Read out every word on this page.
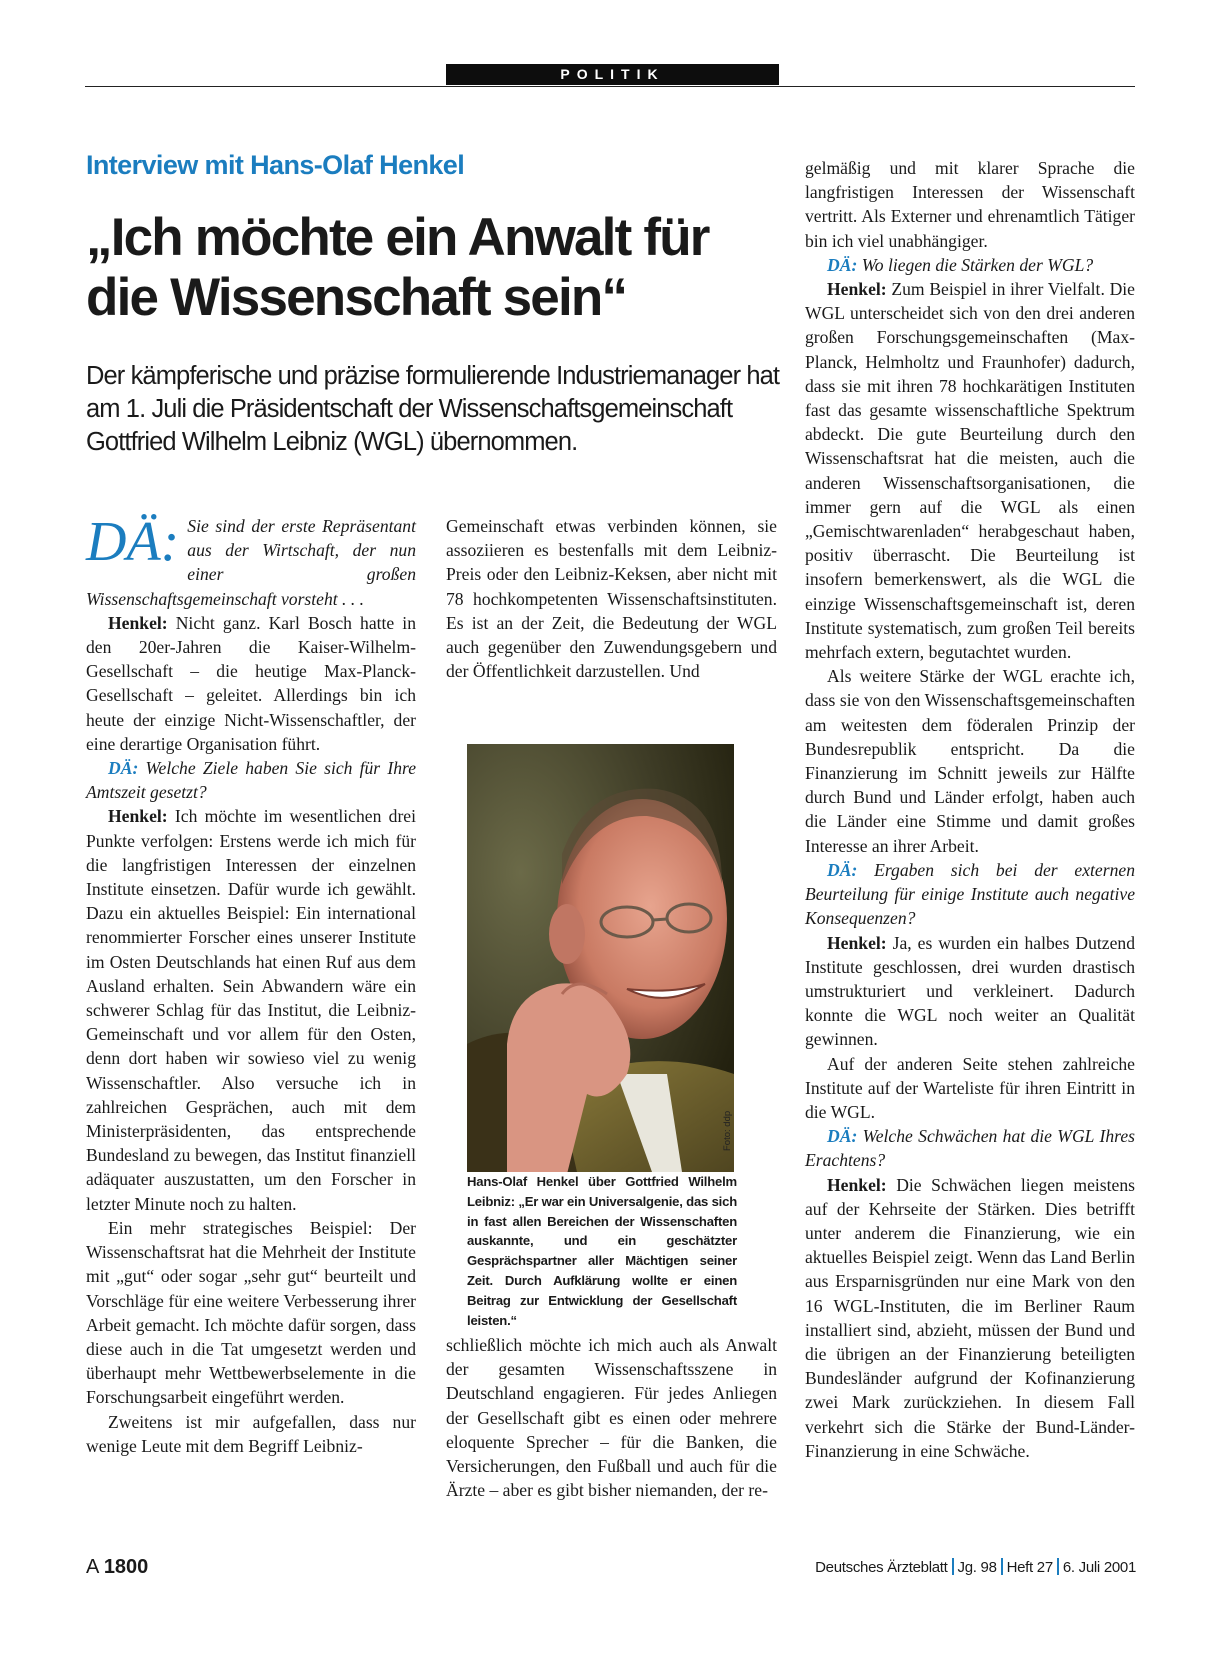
POLITIK
Interview mit Hans-Olaf Henkel
„Ich möchte ein Anwalt für die Wissenschaft sein“

Der kämpferische und präzise formulierende Industriemanager hat am 1. Juli die Präsidentschaft der Wissenschaftsgemeinschaft Gottfried Wilhelm Leibniz (WGL) übernommen.

DÄ: Sie sind der erste Repräsentant aus der Wirtschaft, der nun einer großen Wissenschaftsgemeinschaft vorsteht . . .

Henkel: Nicht ganz. Karl Bosch hatte in den 20er-Jahren die Kaiser-Wilhelm-Gesellschaft – die heutige Max-Planck-Gesellschaft – geleitet. Allerdings bin ich heute der einzige Nicht-Wissenschaftler, der eine derartige Organisation führt.

DÄ: Welche Ziele haben Sie sich für Ihre Amtszeit gesetzt?

Henkel: Ich möchte im wesentlichen drei Punkte verfolgen: Erstens werde ich mich für die langfristigen Interessen der einzelnen Institute einsetzen. Dafür wurde ich gewählt. Dazu ein aktuelles Beispiel: Ein international renommierter Forscher eines unserer Institute im Osten Deutschlands hat einen Ruf aus dem Ausland erhalten. Sein Abwandern wäre ein schwerer Schlag für das Institut, die Leibniz-Gemeinschaft und vor allem für den Osten, denn dort haben wir sowieso viel zu wenig Wissenschaftler. Also versuche ich in zahlreichen Gesprächen, auch mit dem Ministerpräsidenten, das entsprechende Bundesland zu bewegen, das Institut finanziell adäquater auszustatten, um den Forscher in letzter Minute noch zu halten.

Ein mehr strategisches Beispiel: Der Wissenschaftsrat hat die Mehrheit der Institute mit „gut“ oder sogar „sehr gut“ beurteilt und Vorschläge für eine weitere Verbesserung ihrer Arbeit gemacht. Ich möchte dafür sorgen, dass diese auch in die Tat umgesetzt werden und überhaupt mehr Wettbewerbselemente in die Forschungsarbeit eingeführt werden.

Zweitens ist mir aufgefallen, dass nur wenige Leute mit dem Begriff Leibniz-

Gemeinschaft etwas verbinden können, sie assoziieren es bestenfalls mit dem Leibniz-Preis oder den Leibniz-Keksen, aber nicht mit 78 hochkompetenten Wissenschaftsinstituten. Es ist an der Zeit, die Bedeutung der WGL auch gegenüber den Zuwendungsgebern und der Öffentlichkeit darzustellen. Und

Foto: ddp

Hans-Olaf Henkel über Gottfried Wilhelm Leibniz: „Er war ein Universalgenie, das sich in fast allen Bereichen der Wissenschaften auskannte, und ein geschätzter Gesprächspartner aller Mächtigen seiner Zeit. Durch Aufklärung wollte er einen Beitrag zur Entwicklung der Gesellschaft leisten.“

schließlich möchte ich mich auch als Anwalt der gesamten Wissenschaftsszene in Deutschland engagieren. Für jedes Anliegen der Gesellschaft gibt es einen oder mehrere eloquente Sprecher – für die Banken, die Versicherungen, den Fußball und auch für die Ärzte – aber es gibt bisher niemanden, der re-

gelmäßig und mit klarer Sprache die langfristigen Interessen der Wissenschaft vertritt. Als Externer und ehrenamtlich Tätiger bin ich viel unabhängiger.

DÄ: Wo liegen die Stärken der WGL?

Henkel: Zum Beispiel in ihrer Vielfalt. Die WGL unterscheidet sich von den drei anderen großen Forschungsgemeinschaften (Max-Planck, Helmholtz und Fraunhofer) dadurch, dass sie mit ihren 78 hochkarätigen Instituten fast das gesamte wissenschaftliche Spektrum abdeckt. Die gute Beurteilung durch den Wissenschaftsrat hat die meisten, auch die anderen Wissenschaftsorganisationen, die immer gern auf die WGL als einen „Gemischtwarenladen“ herabgeschaut haben, positiv überrascht. Die Beurteilung ist insofern bemerkenswert, als die WGL die einzige Wissenschaftsgemeinschaft ist, deren Institute systematisch, zum großen Teil bereits mehrfach extern, begutachtet wurden.

Als weitere Stärke der WGL erachte ich, dass sie von den Wissenschaftsgemeinschaften am weitesten dem föderalen Prinzip der Bundesrepublik entspricht. Da die Finanzierung im Schnitt jeweils zur Hälfte durch Bund und Länder erfolgt, haben auch die Länder eine Stimme und damit großes Interesse an ihrer Arbeit.

DÄ: Ergaben sich bei der externen Beurteilung für einige Institute auch negative Konsequenzen?

Henkel: Ja, es wurden ein halbes Dutzend Institute geschlossen, drei wurden drastisch umstrukturiert und verkleinert. Dadurch konnte die WGL noch weiter an Qualität gewinnen.

Auf der anderen Seite stehen zahlreiche Institute auf der Warteliste für ihren Eintritt in die WGL.

DÄ: Welche Schwächen hat die WGL Ihres Erachtens?

Henkel: Die Schwächen liegen meistens auf der Kehrseite der Stärken. Dies betrifft unter anderem die Finanzierung, wie ein aktuelles Beispiel zeigt. Wenn das Land Berlin aus Ersparnisgründen nur eine Mark von den 16 WGL-Instituten, die im Berliner Raum installiert sind, abzieht, müssen der Bund und die übrigen an der Finanzierung beteiligten Bundesländer aufgrund der Kofinanzierung zwei Mark zurückziehen. In diesem Fall verkehrt sich die Stärke der Bund-Länder-Finanzierung in eine Schwäche.

A 1800	Deutsches Ärzteblatt Jg. 98 Heft 27 6. Juli 2001
